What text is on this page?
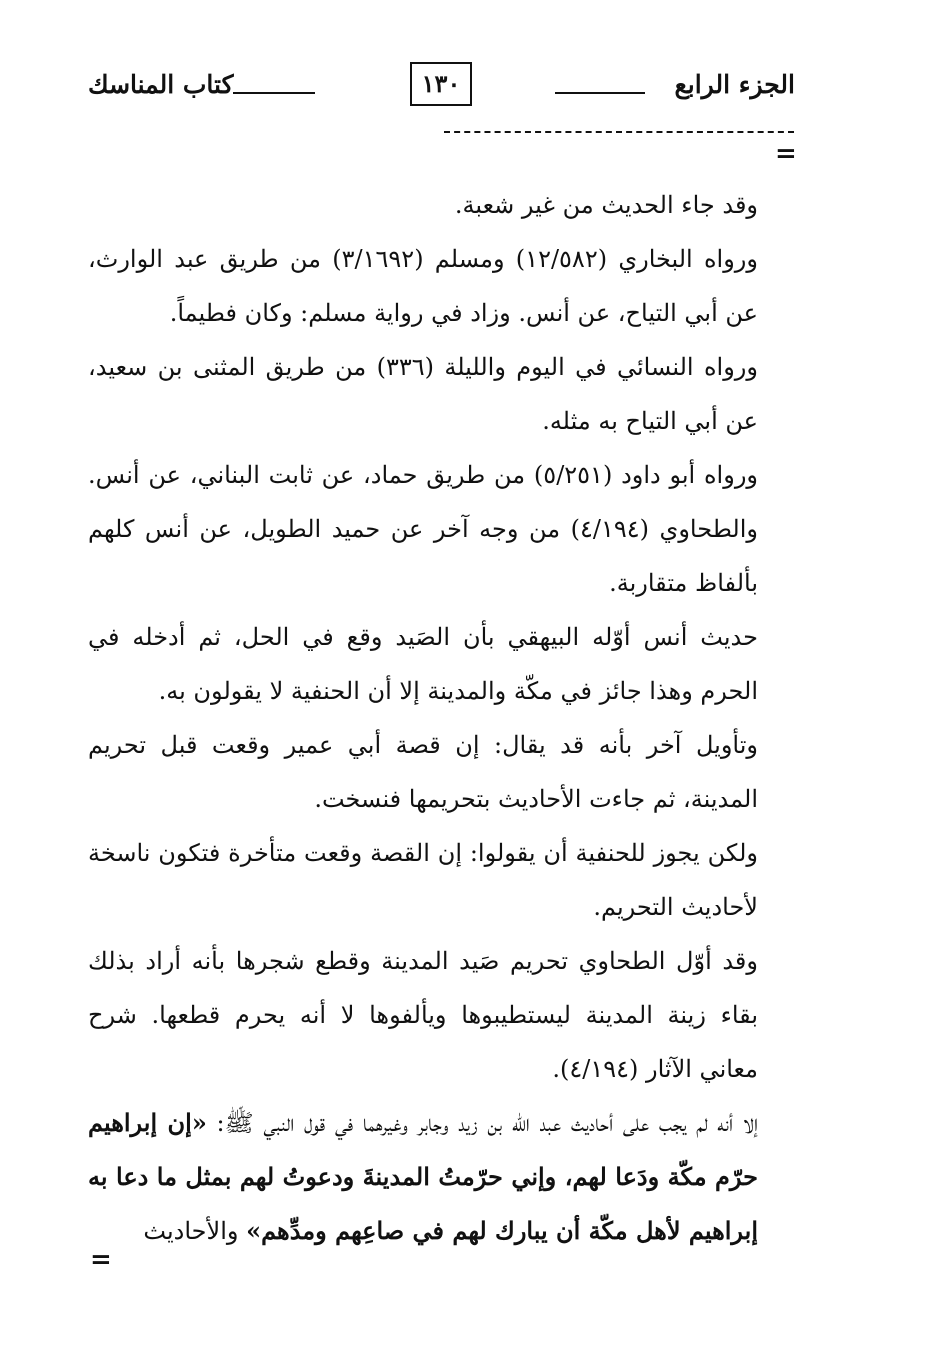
الجزء الرابع
١٣٠
كتاب المناسك
=

وقد جاء الحديث من غير شعبة.

ورواه البخاري (١٢/٥٨٢) ومسلم (٣/١٦٩٢) من طريق عبد الوارث، عن أبي التياح، عن أنس. وزاد في رواية مسلم: وكان فطيماً.

ورواه النسائي في اليوم والليلة (٣٣٦) من طريق المثنى بن سعيد، عن أبي التياح به مثله.

ورواه أبو داود (٥/٢٥١) من طريق حماد، عن ثابت البناني، عن أنس. والطحاوي (٤/١٩٤) من وجه آخر عن حميد الطويل، عن أنس كلهم بألفاظ متقاربة.

حديث أنس أوّله البيهقي بأن الصَيد وقع في الحل، ثم أدخله في الحرم وهذا جائز في مكّة والمدينة إلا أن الحنفية لا يقولون به.

وتأويل آخر بأنه قد يقال: إن قصة أبي عمير وقعت قبل تحريم المدينة، ثم جاءت الأحاديث بتحريمها فنسخت.

ولكن يجوز للحنفية أن يقولوا: إن القصة وقعت متأخرة فتكون ناسخة لأحاديث التحريم.

وقد أوّل الطحاوي تحريم صَيد المدينة وقطع شجرها بأنه أراد بذلك بقاء زينة المدينة ليستطيبوها ويألفوها لا أنه يحرم قطعها. شرح معاني الآثار (٤/١٩٤).

إلا أنه لم يجب على أحاديث عبد الله بن زيد وجابر وغيرهما في قول النبي ﷺ: «إن إبراهيم حرّم مكّة ودَعا لهم، وإني حرّمتُ المدينةَ ودعوتُ لهم بمثل ما دعا به إبراهيم لأهل مكّة أن يبارك لهم في صاعِهم ومدِّهم» والأحاديث

=
